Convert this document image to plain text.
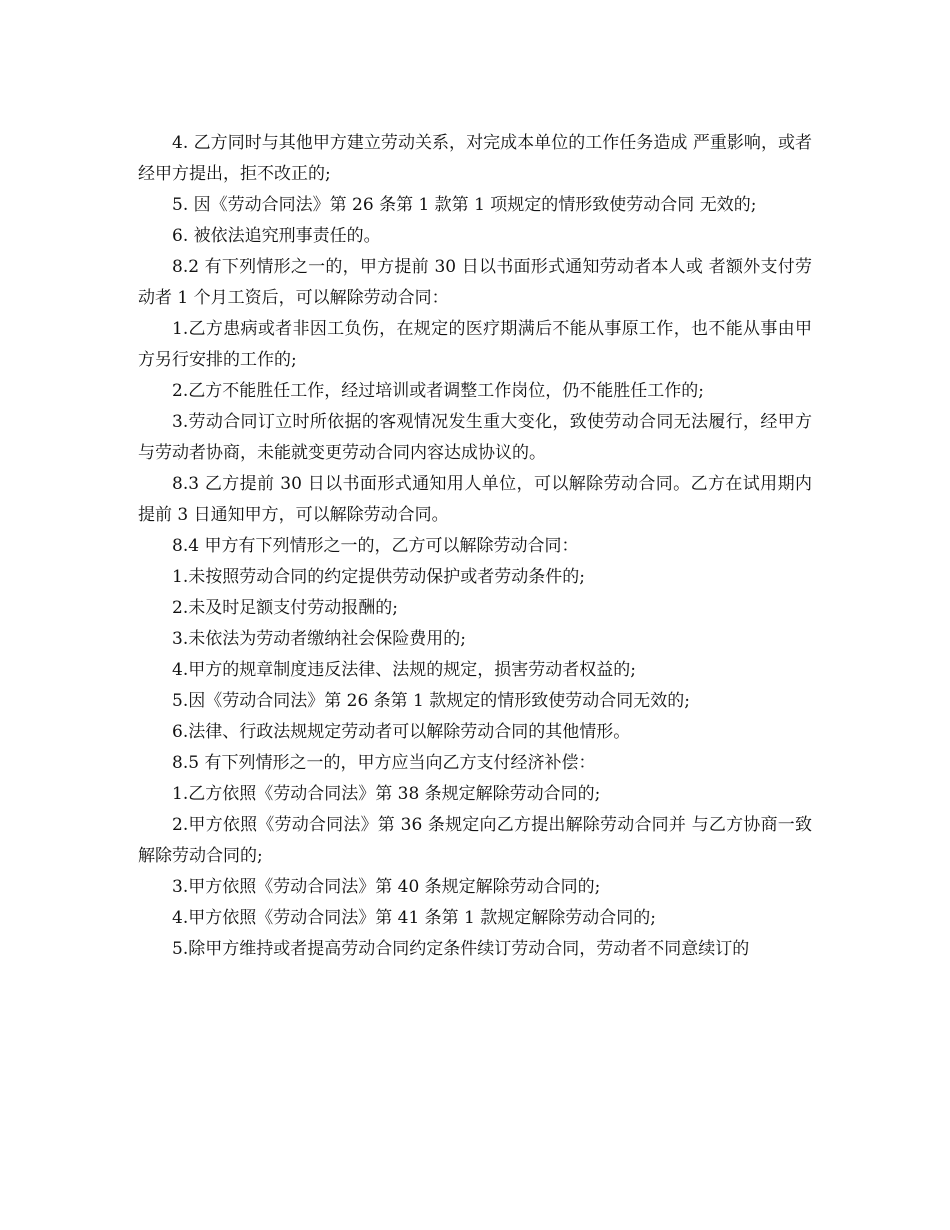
4. 乙方同时与其他甲方建立劳动关系，对完成本单位的工作任务造成 严重影响，或者经甲方提出，拒不改正的;

5. 因《劳动合同法》第 26 条第 1 款第 1 项规定的情形致使劳动合同 无效的;

6. 被依法追究刑事责任的。

8.2 有下列情形之一的，甲方提前 30 日以书面形式通知劳动者本人或 者额外支付劳动者 1 个月工资后，可以解除劳动合同：

1.乙方患病或者非因工负伤，在规定的医疗期满后不能从事原工作，也不能从事由甲方另行安排的工作的;

2.乙方不能胜任工作，经过培训或者调整工作岗位，仍不能胜任工作的;

3.劳动合同订立时所依据的客观情况发生重大变化，致使劳动合同无法履行，经甲方与劳动者协商，未能就变更劳动合同内容达成协议的。

8.3 乙方提前 30 日以书面形式通知用人单位，可以解除劳动合同。乙方在试用期内提前 3 日通知甲方，可以解除劳动合同。

8.4 甲方有下列情形之一的，乙方可以解除劳动合同：

1.未按照劳动合同的约定提供劳动保护或者劳动条件的;

2.未及时足额支付劳动报酬的;

3.未依法为劳动者缴纳社会保险费用的;

4.甲方的规章制度违反法律、法规的规定，损害劳动者权益的;

5.因《劳动合同法》第 26 条第 1 款规定的情形致使劳动合同无效的;

6.法律、行政法规规定劳动者可以解除劳动合同的其他情形。

8.5 有下列情形之一的，甲方应当向乙方支付经济补偿：

1.乙方依照《劳动合同法》第 38 条规定解除劳动合同的;

2.甲方依照《劳动合同法》第 36 条规定向乙方提出解除劳动合同并 与乙方协商一致解除劳动合同的;

3.甲方依照《劳动合同法》第 40 条规定解除劳动合同的;

4.甲方依照《劳动合同法》第 41 条第 1 款规定解除劳动合同的;

5.除甲方维持或者提高劳动合同约定条件续订劳动合同，劳动者不同意续订的
